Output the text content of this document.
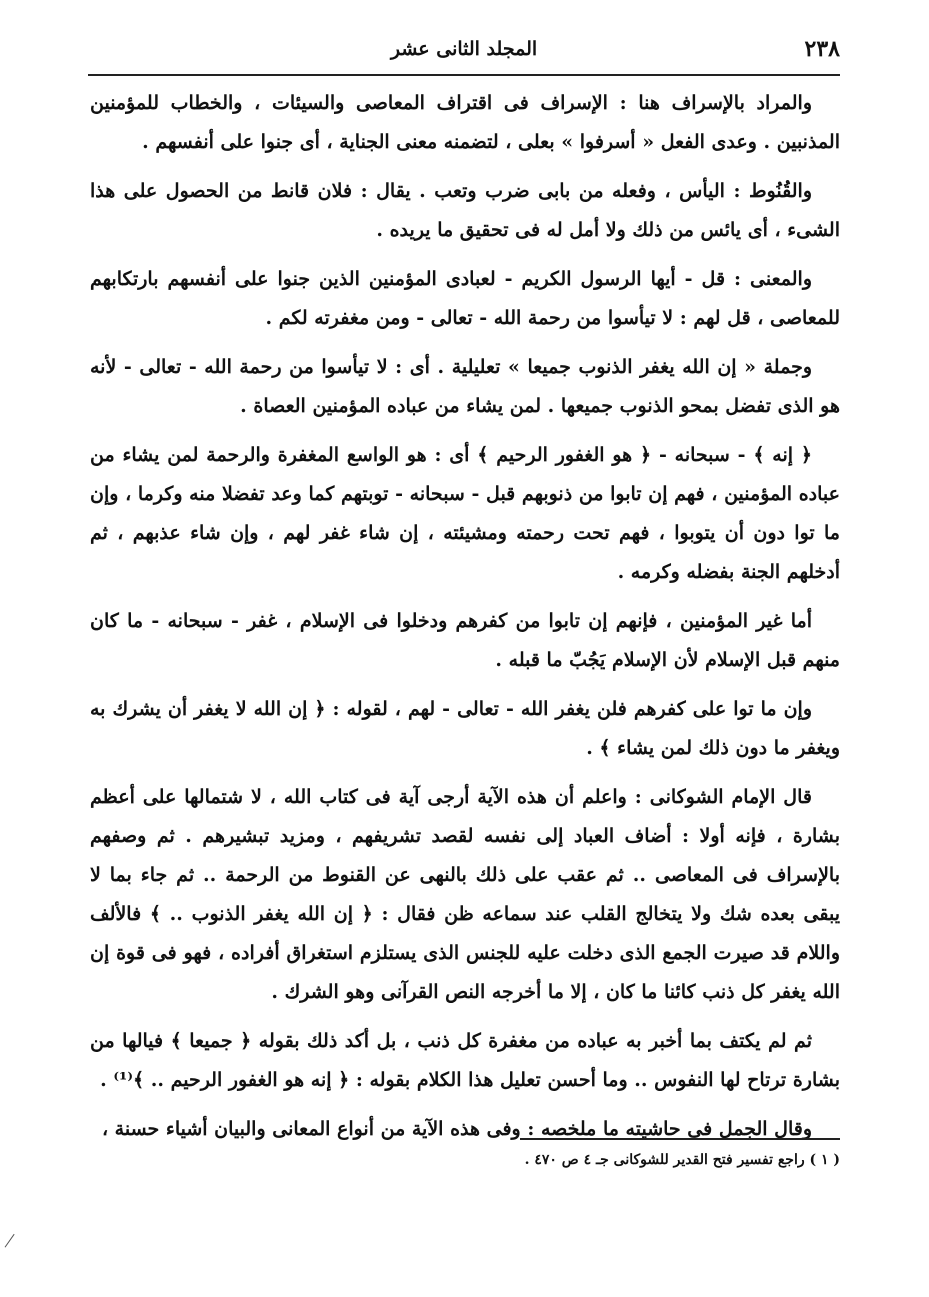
٢٣٨
المجلد الثانى عشر

والمراد بالإسراف هنا : الإسراف فى اقتراف المعاصى والسيئات ، والخطاب للمؤمنين المذنبين . وعدى الفعل « أسرفوا » بعلى ، لتضمنه معنى الجناية ، أى جنوا على أنفسهم .

والقُنُوط : اليأس ، وفعله من بابى ضرب وتعب . يقال : فلان قانط من الحصول على هذا الشىء ، أى يائس من ذلك ولا أمل له فى تحقيق ما يريده .

والمعنى : قل - أيها الرسول الكريم - لعبادى المؤمنين الذين جنوا على أنفسهم بارتكابهم للمعاصى ، قل لهم : لا تيأسوا من رحمة الله - تعالى - ومن مغفرته لكم .

وجملة « إن الله يغفر الذنوب جميعا » تعليلية . أى : لا تيأسوا من رحمة الله - تعالى - لأنه هو الذى تفضل بمحو الذنوب جميعها . لمن يشاء من عباده المؤمنين العصاة .

﴿ إنه ﴾ - سبحانه - ﴿ هو الغفور الرحيم ﴾ أى : هو الواسع المغفرة والرحمة لمن يشاء من عباده المؤمنين ، فهم إن تابوا من ذنوبهم قبل - سبحانه - توبتهم كما وعد تفضلا منه وكرما ، وإن ما توا دون أن يتوبوا ، فهم تحت رحمته ومشيئته ، إن شاء غفر لهم ، وإن شاء عذبهم ، ثم أدخلهم الجنة بفضله وكرمه .

أما غير المؤمنين ، فإنهم إن تابوا من كفرهم ودخلوا فى الإسلام ، غفر - سبحانه - ما كان منهم قبل الإسلام لأن الإسلام يَجُبّ ما قبله .

وإن ما توا على كفرهم فلن يغفر الله - تعالى - لهم ، لقوله : ﴿ إن الله لا يغفر أن يشرك به ويغفر ما دون ذلك لمن يشاء ﴾ .

قال الإمام الشوكانى : واعلم أن هذه الآية أرجى آية فى كتاب الله ، لا شتمالها على أعظم بشارة ، فإنه أولا : أضاف العباد إلى نفسه لقصد تشريفهم ، ومزيد تبشيرهم . ثم وصفهم بالإسراف فى المعاصى .. ثم عقب على ذلك بالنهى عن القنوط من الرحمة .. ثم جاء بما لا يبقى بعده شك ولا يتخالج القلب عند سماعه ظن فقال : ﴿ إن الله يغفر الذنوب .. ﴾ فالألف واللام قد صيرت الجمع الذى دخلت عليه للجنس الذى يستلزم استغراق أفراده ، فهو فى قوة إن الله يغفر كل ذنب كائنا ما كان ، إلا ما أخرجه النص القرآنى وهو الشرك .

ثم لم يكتف بما أخبر به عباده من مغفرة كل ذنب ، بل أكد ذلك بقوله ﴿ جميعا ﴾ فيالها من بشارة ترتاح لها النفوس .. وما أحسن تعليل هذا الكلام بقوله : ﴿ إنه هو الغفور الرحيم .. ﴾⁽¹⁾ .

وقال الجمل فى حاشيته ما ملخصه : وفى هذه الآية من أنواع المعانى والبيان أشياء حسنة ،

( ١ ) راجع تفسير فتح القدير للشوكانى جـ ٤ ص ٤٧٠ .
